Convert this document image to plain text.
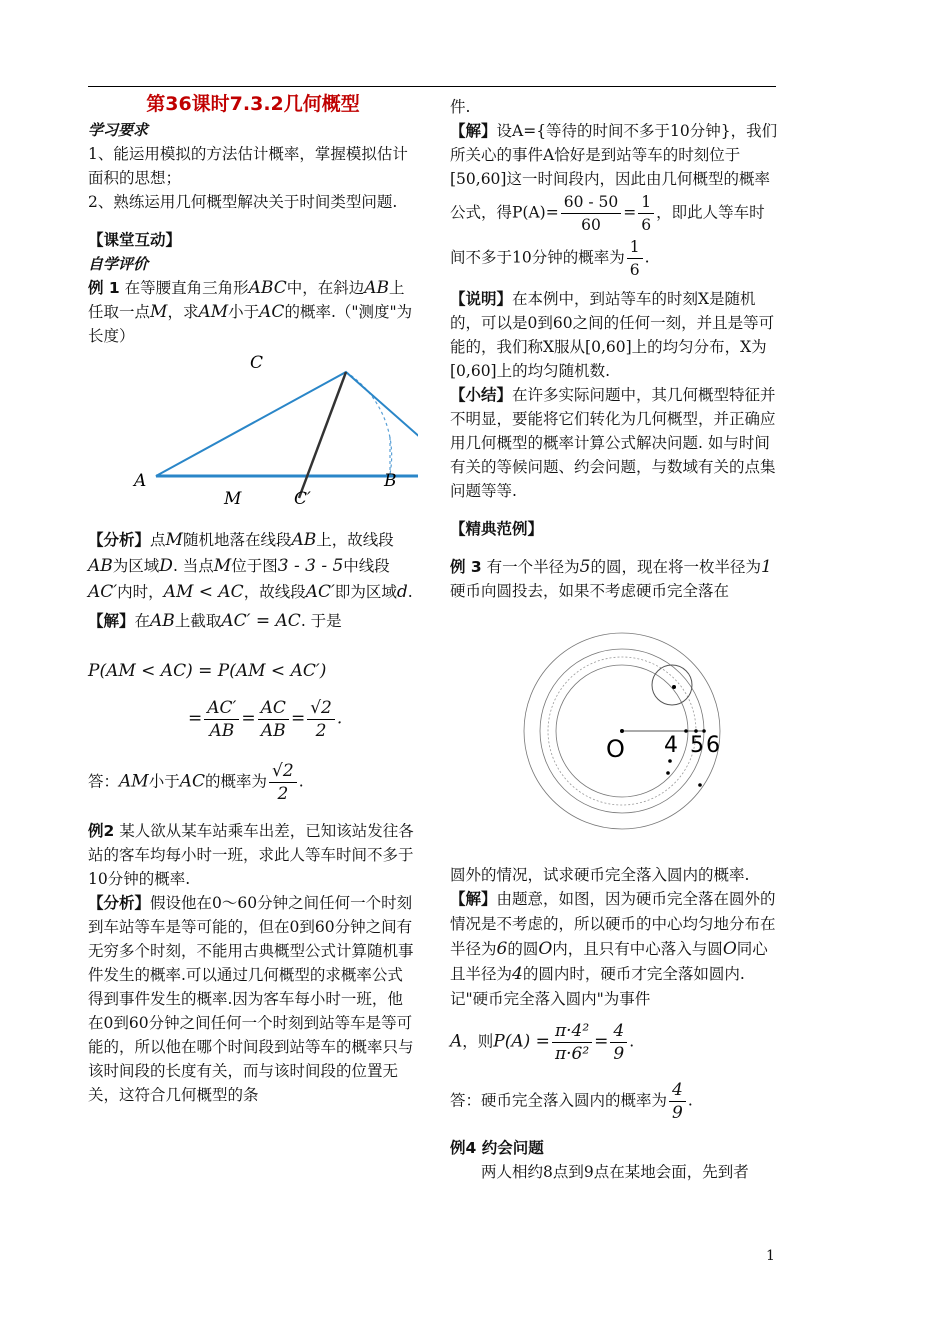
第36课时7.3.2几何概型
学习要求
1、能运用模拟的方法估计概率，掌握模拟估计面积的思想；
2、熟练运用几何概型解决关于时间类型问题.
【课堂互动】
自学评价
例 1 在等腰直角三角形ABC中，在斜边AB上任取一点M，求AM小于AC的概率.（"测度"为长度）
A	B
C
M	C′
【分析】点M随机地落在线段AB上，故线段AB为区域D. 当点M位于图3 - 3 - 5中线段AC′内时，AM < AC，故线段AC′即为区域d.
【解】在AB上截取AC′ = AC. 于是
P(AM < AC) = P(AM < AC′)
= $\frac{AC'}{AB} = \frac{AC}{AB} = \frac{√2}{2}$ .
答：AM小于AC的概率为 $\frac{√2}{2}$ .
例2 某人欲从某车站乘车出差，已知该站发往各站的客车均每小时一班，求此人等车时间不多于10分钟的概率.
【分析】假设他在0～60分钟之间任何一个时刻到车站等车是等可能的，但在0到60分钟之间有无穷多个时刻，不能用古典概型公式计算随机事件发生的概率.可以通过几何概型的求概率公式得到事件发生的概率.因为客车每小时一班，他在0到60分钟之间任何一个时刻到站等车是等可能的，所以他在哪个时间段到站等车的概率只与该时间段的长度有关，而与该时间段的位置无关，这符合几何概型的条
件.
【解】设A={等待的时间不多于10分钟}，我们所关心的事件A恰好是到站等车的时刻位于[50,60]这一时间段内，因此由几何概型的概率公式，得$P(A)= \frac{60 - 50}{60} = \frac{1}{6}$ ，即此人等车时间不多于10分钟的概率为 $\frac{1}{6}$ .
【说明】在本例中，到站等车的时刻X是随机的，可以是0到60之间的任何一刻，并且是等可能的，我们称X服从[0,60]上的均匀分布，X为[0,60]上的均匀随机数.
【小结】在许多实际问题中，其几何概型特征并不明显，要能将它们转化为几何概型，并正确应用几何概型的概率计算公式解决问题. 如与时间有关的等候问题、约会问题，与数域有关的点集问题等等.
【精典范例】
例 3 有一个半径为5的圆，现在将一枚半径为1硬币向圆投去，如果不考虑硬币完全落在
O 4 5 6
圆外的情况，试求硬币完全落入圆内的概率.
【解】由题意，如图，因为硬币完全落在圆外的情况是不考虑的，所以硬币的中心均匀地分布在半径为6的圆O内，且只有中心落入与圆O同心且半径为4的圆内时，硬币才完全落如圆内. 记"硬币完全落入圆内"为事件
A，则$P(A) = \frac{\text{π·4²}}{\text{π·6²}} = \frac{4}{9}$ .
答：硬币完全落入圆内的概率为 $\frac{4}{9}$ .
例4 约会问题
两人相约8点到9点在某地会面，先到者
1
